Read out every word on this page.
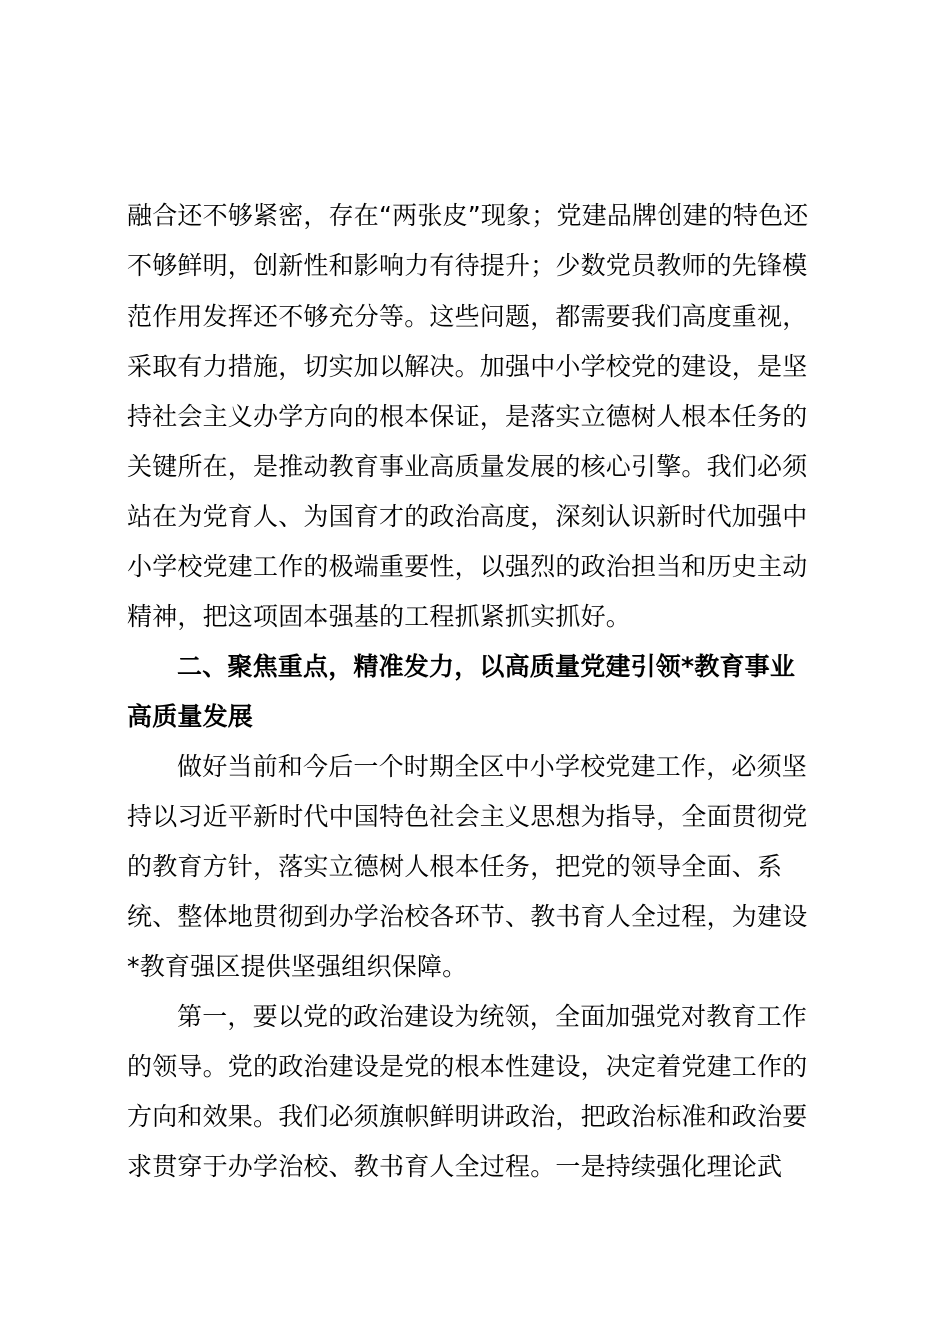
融合还不够紧密，存在“两张皮”现象；党建品牌创建的特色还
不够鲜明，创新性和影响力有待提升；少数党员教师的先锋模
范作用发挥还不够充分等。这些问题，都需要我们高度重视，
采取有力措施，切实加以解决。加强中小学校党的建设，是坚
持社会主义办学方向的根本保证，是落实立德树人根本任务的
关键所在，是推动教育事业高质量发展的核心引擎。我们必须
站在为党育人、为国育才的政治高度，深刻认识新时代加强中
小学校党建工作的极端重要性，以强烈的政治担当和历史主动
精神，把这项固本强基的工程抓紧抓实抓好。
二、聚焦重点，精准发力，以高质量党建引领*教育事业
高质量发展
做好当前和今后一个时期全区中小学校党建工作，必须坚
持以习近平新时代中国特色社会主义思想为指导，全面贯彻党
的教育方针，落实立德树人根本任务，把党的领导全面、系
统、整体地贯彻到办学治校各环节、教书育人全过程，为建设
*教育强区提供坚强组织保障。
第一，要以党的政治建设为统领，全面加强党对教育工作
的领导。党的政治建设是党的根本性建设，决定着党建工作的
方向和效果。我们必须旗帜鲜明讲政治，把政治标准和政治要
求贯穿于办学治校、教书育人全过程。一是持续强化理论武
